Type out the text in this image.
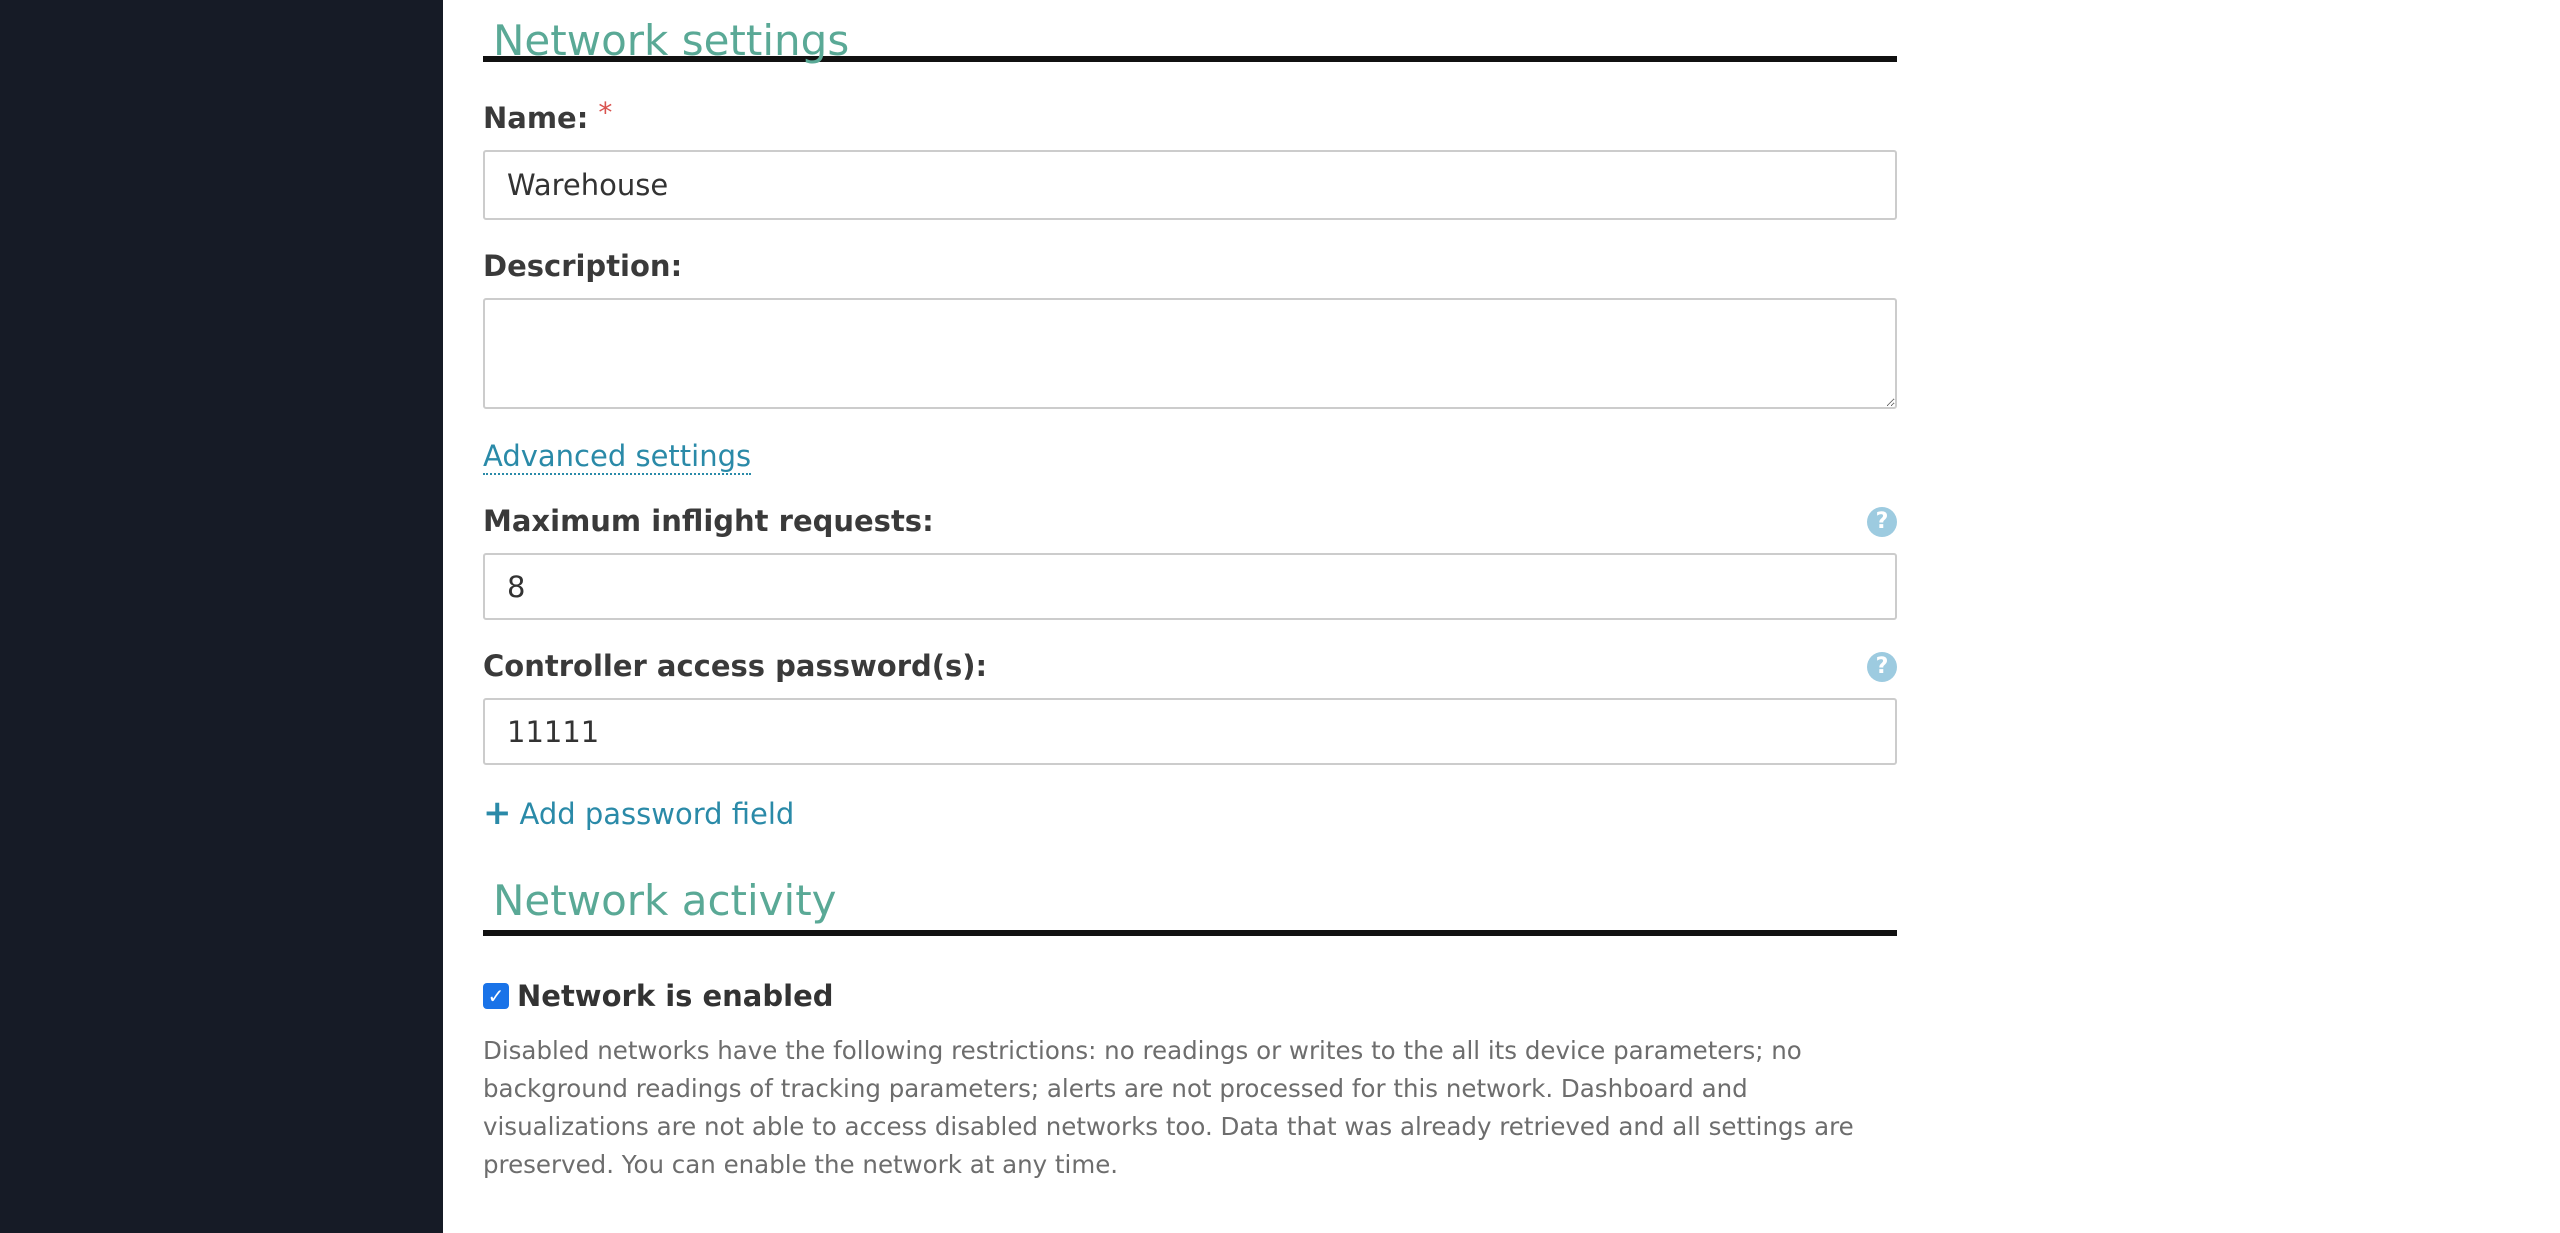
Network settings
Name: *
Warehouse
Description:
Advanced settings
Maximum inflight requests:	?
8
Controller access password(s):	?
11111 + Add password field
Network activity
✓ Network is enabled
Disabled networks have the following restrictions: no readings or writes to the all its device parameters; no background readings of tracking parameters; alerts are not processed for this network. Dashboard and visualizations are not able to access disabled networks too. Data that was already retrieved and all settings are preserved. You can enable the network at any time.
